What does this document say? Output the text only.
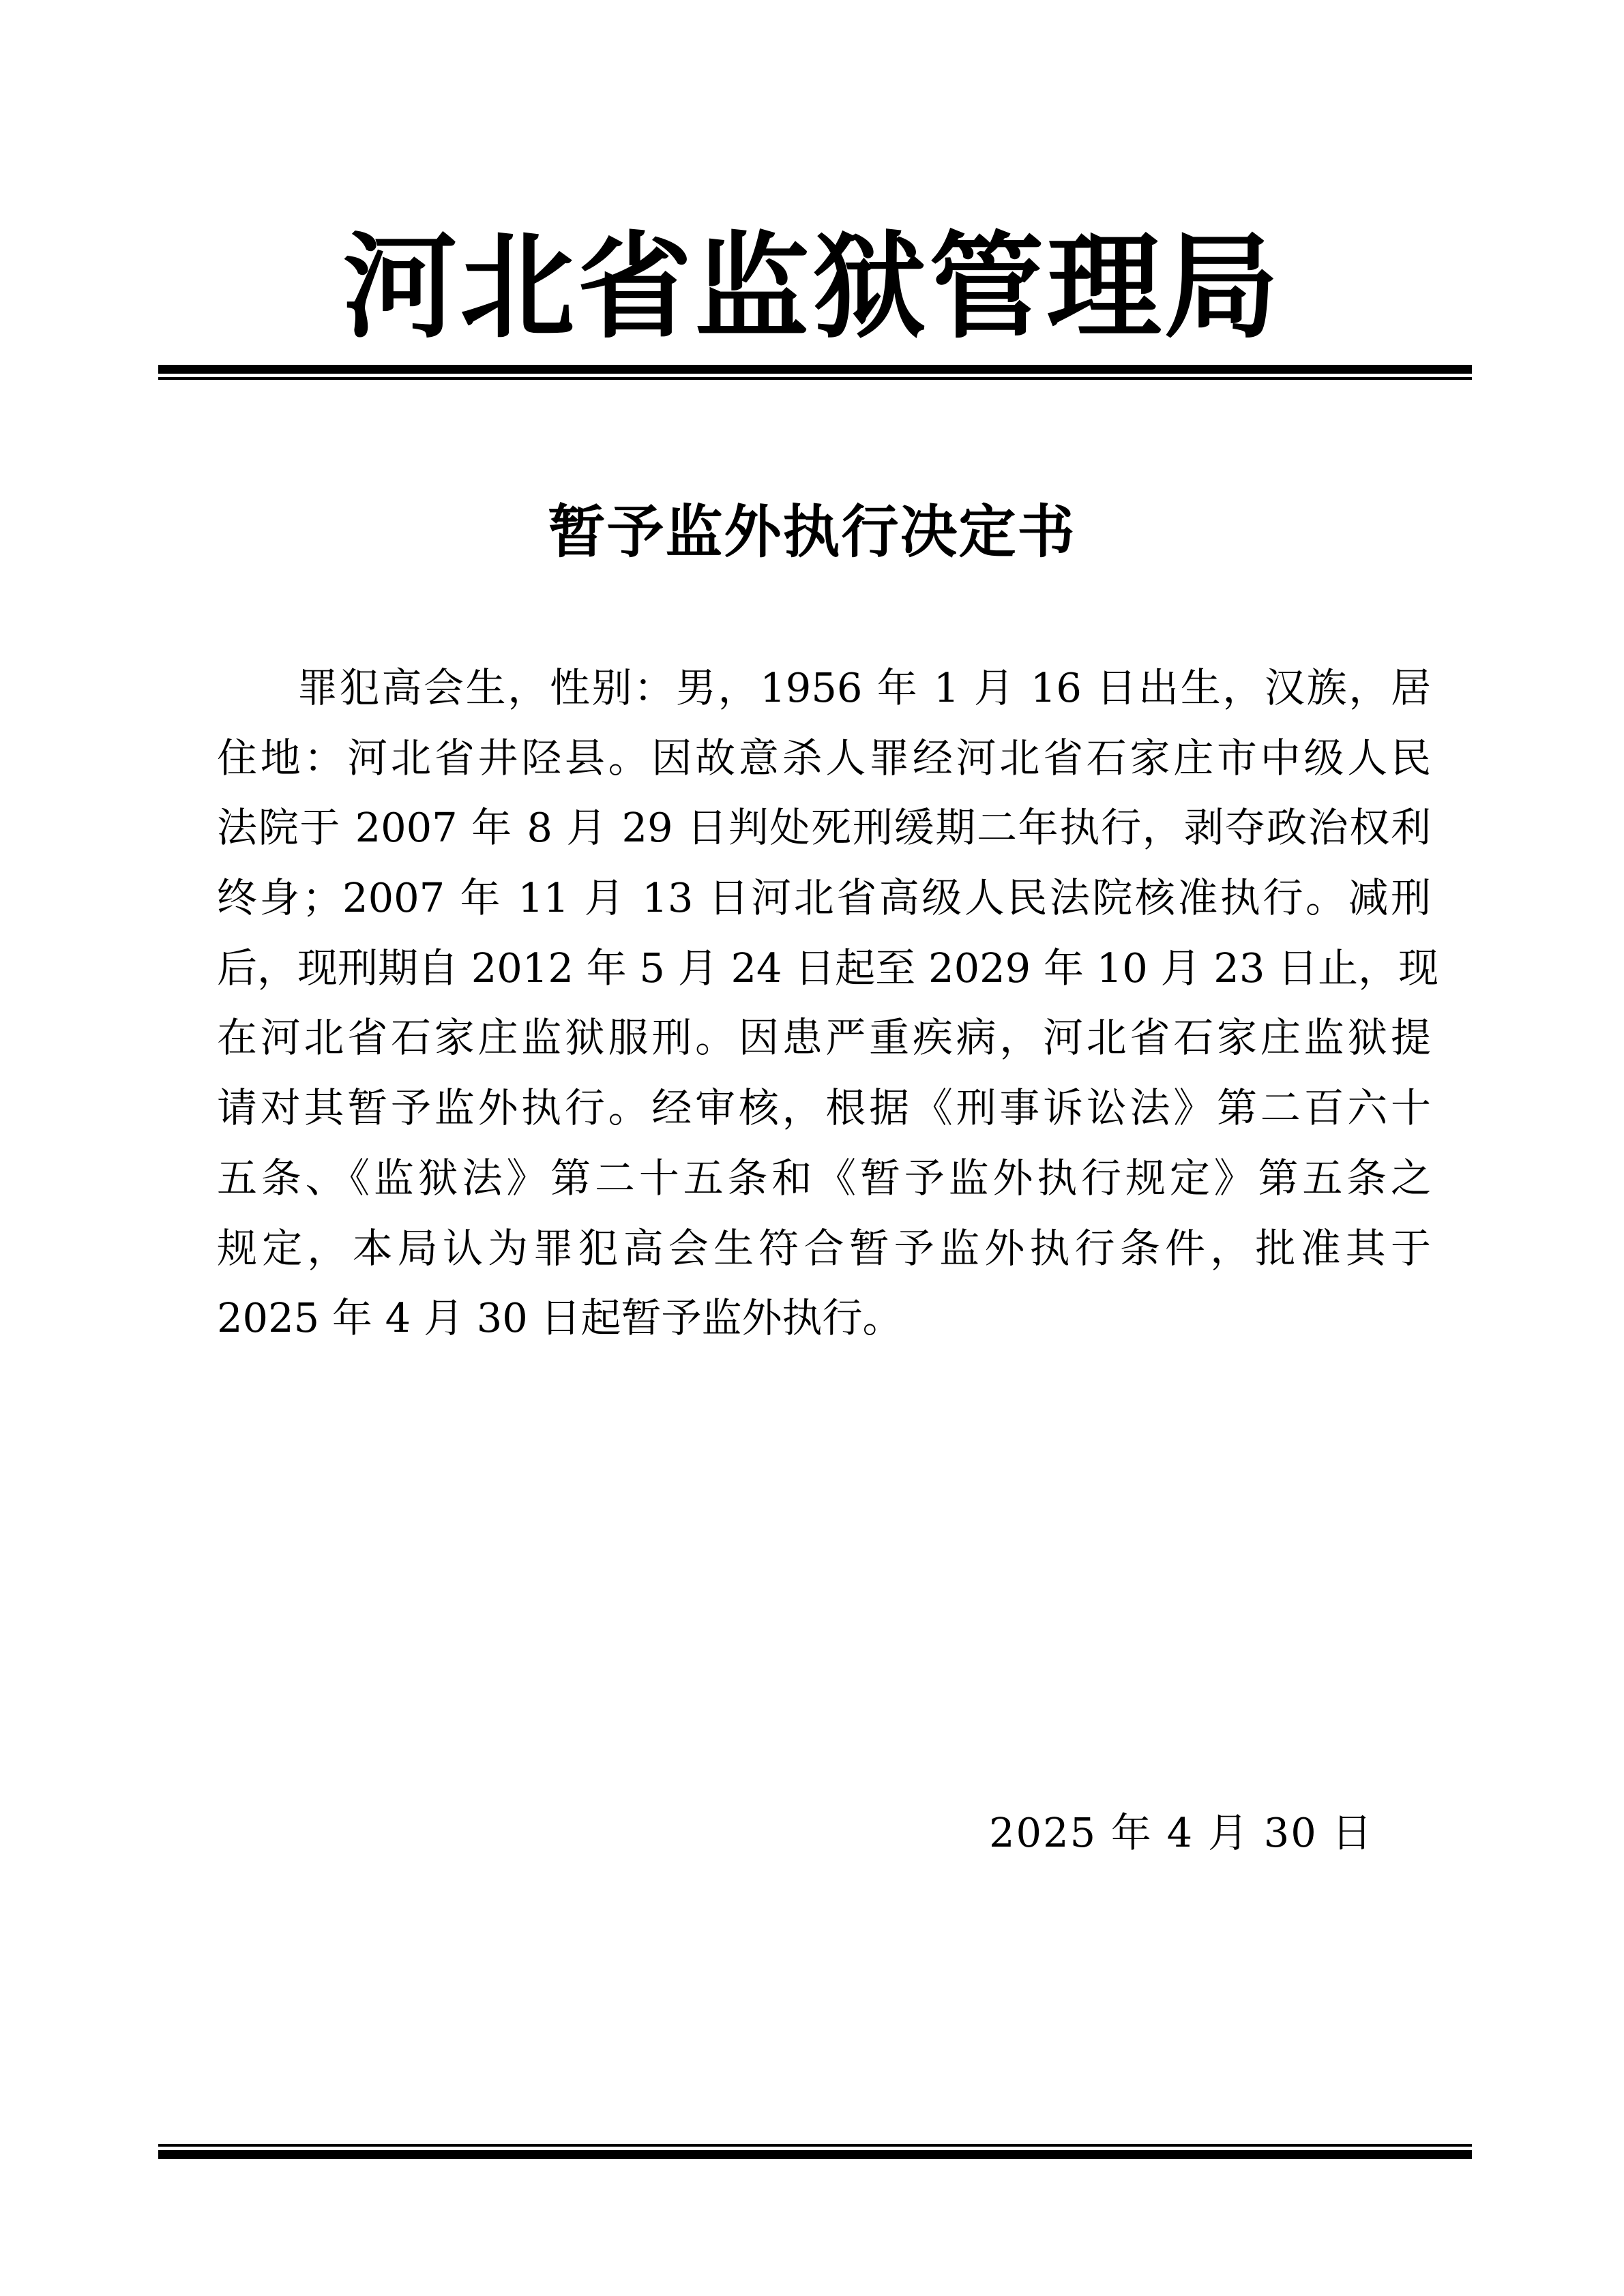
河北省监狱管理局
暂予监外执行决定书
罪犯高会生，性别：男，1956 年 1 月 16 日出生，汉族，居
住地：河北省井陉县。因故意杀人罪经河北省石家庄市中级人民
法院于 2007 年 8 月 29 日判处死刑缓期二年执行，剥夺政治权利
终身；2007 年 11 月 13 日河北省高级人民法院核准执行。减刑
后，现刑期自 2012 年 5 月 24 日起至 2029 年 10 月 23 日止，现
在河北省石家庄监狱服刑。因患严重疾病，河北省石家庄监狱提
请对其暂予监外执行。经审核，根据《刑事诉讼法》第二百六十
五条、《监狱法》第二十五条和《暂予监外执行规定》第五条之
规定，本局认为罪犯高会生符合暂予监外执行条件，批准其于
2025 年 4 月 30 日起暂予监外执行。
2025 年 4 月 30 日
